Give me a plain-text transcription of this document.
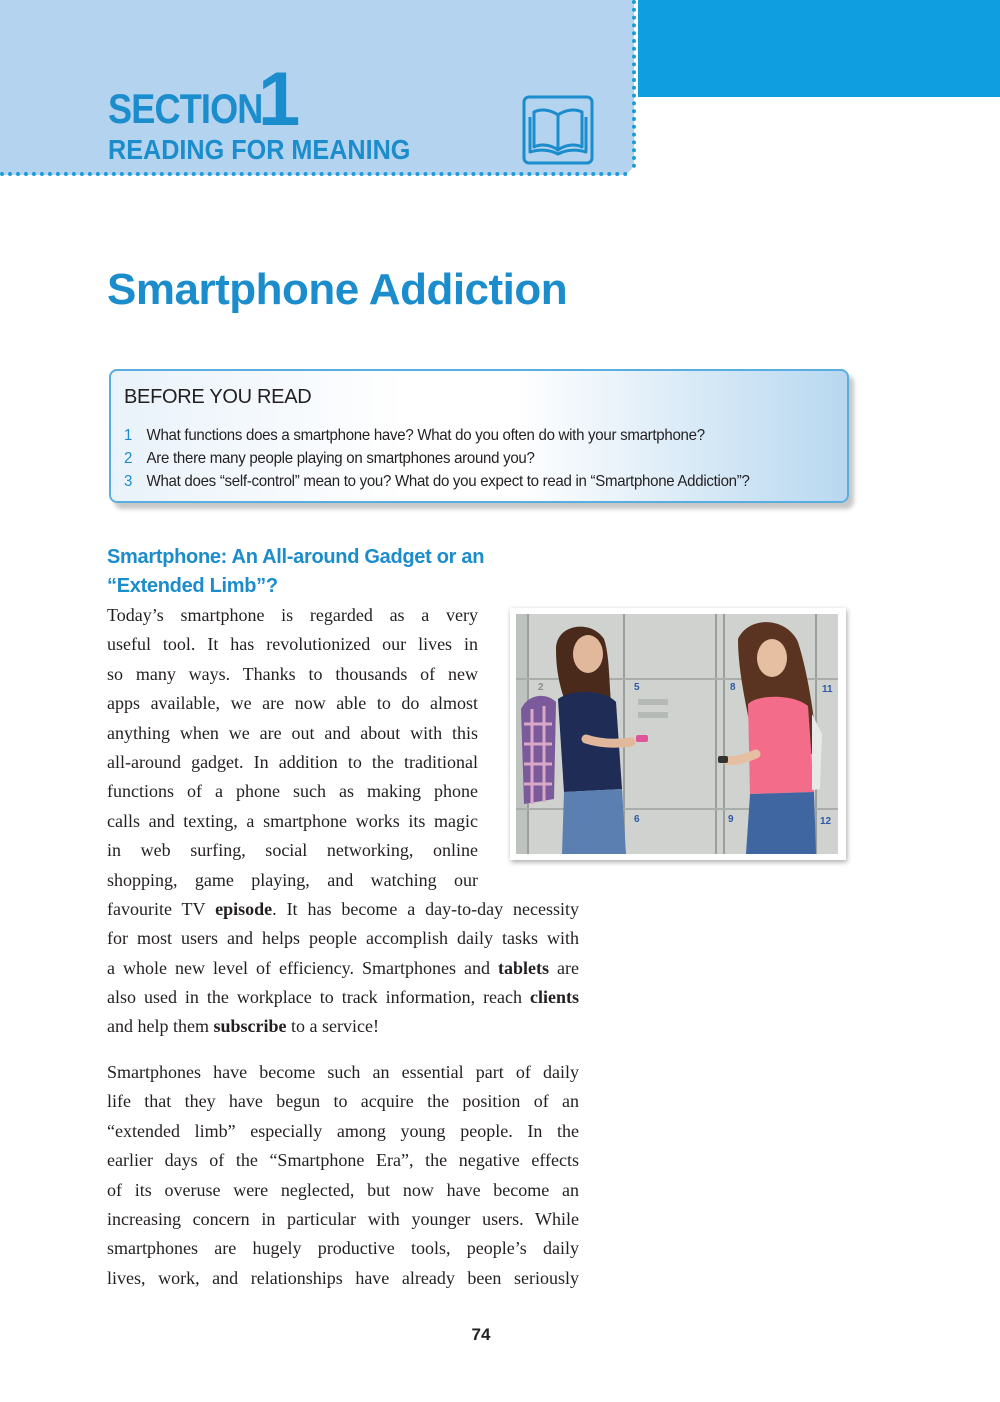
SECTION
1
READING FOR MEANING
Smartphone Addiction
BEFORE YOU READ
1 What functions does a smartphone have? What do you often do with your smartphone?
2 Are there many people playing on smartphones around you?
3 What does “self-control” mean to you? What do you expect to read in “Smartphone Addiction”?
Smartphone: An All-around Gadget or an
“Extended Limb”?
2	5	8	11
6	9	12
Today’s smartphone is regarded as a very
useful tool. It has revolutionized our lives in
so many ways. Thanks to thousands of new
apps available, we are now able to do almost
anything when we are out and about with this
all-around gadget. In addition to the traditional
functions of a phone such as making phone
calls and texting, a smartphone works its magic
in web surfing, social networking, online
shopping, game playing, and watching our
favourite TV episode. It has become a day-to-day necessity
for most users and helps people accomplish daily tasks with
a whole new level of efficiency. Smartphones and tablets are
also used in the workplace to track information, reach clients
and help them subscribe to a service!
Smartphones have become such an essential part of daily
life that they have begun to acquire the position of an
“extended limb” especially among young people. In the
earlier days of the “Smartphone Era”, the negative effects
of its overuse were neglected, but now have become an
increasing concern in particular with younger users. While
smartphones are hugely productive tools, people’s daily
lives, work, and relationships have already been seriously
74
